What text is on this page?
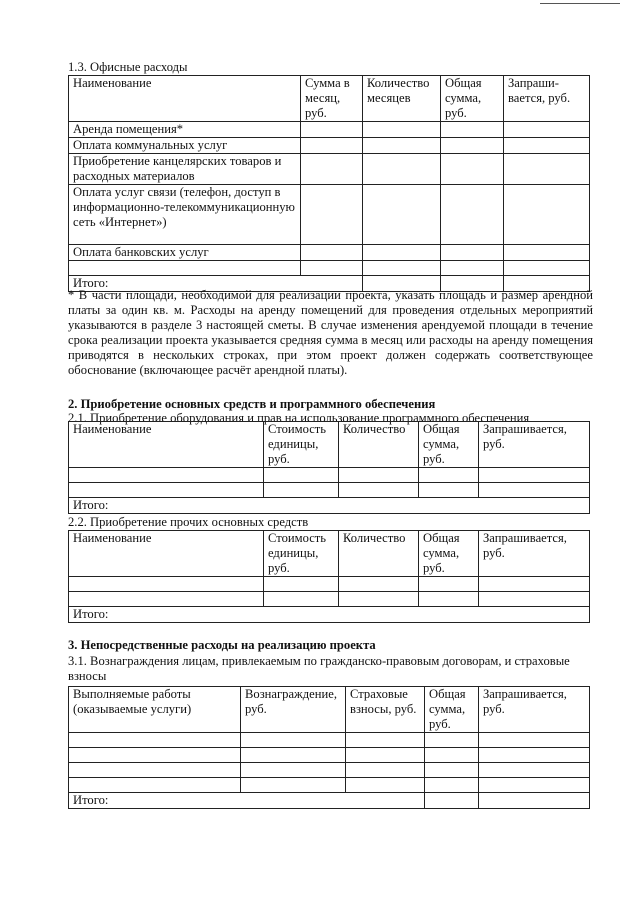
1.3. Офисные расходы
Наименование	Сумма в месяц, руб.	Количество месяцев	Общая сумма, руб.	Запраши-вается, руб.
Аренда помещения*				
Оплата коммунальных услуг				
Приобретение канцелярских товаров и расходных материалов				
Оплата услуг связи (телефон, доступ в информационно-телекоммуникационную сеть «Интернет»)				
Оплата банковских услуг				

Итого:				
* В части площади, необходимой для реализации проекта, указать площадь и размер арендной платы за один кв. м. Расходы на аренду помещений для проведения отдельных мероприятий указываются в разделе 3 настоящей сметы. В случае изменения арендуемой площади в течение срока реализации проекта указывается средняя сумма в месяц или расходы на аренду помещения приводятся в нескольких строках, при этом проект должен содержать соответствующее обоснование (включающее расчёт арендной платы).
2. Приобретение основных средств и программного обеспечения
2.1. Приобретение оборудования и прав на использование программного обеспечения
Наименование	Стоимость единицы, руб.	Количество	Общая сумма, руб.	Запрашивается, руб.

Итого:				
2.2. Приобретение прочих основных средств
Наименование	Стоимость единицы, руб.	Количество	Общая сумма, руб.	Запрашивается, руб.

Итого:				
3. Непосредственные расходы на реализацию проекта
3.1. Вознаграждения лицам, привлекаемым по гражданско-правовым договорам, и страховые взносы
Выполняемые работы (оказываемые услуги)	Вознаграждение, руб.	Страховые взносы, руб.	Общая сумма, руб.	Запрашивается, руб.

Итого:				
